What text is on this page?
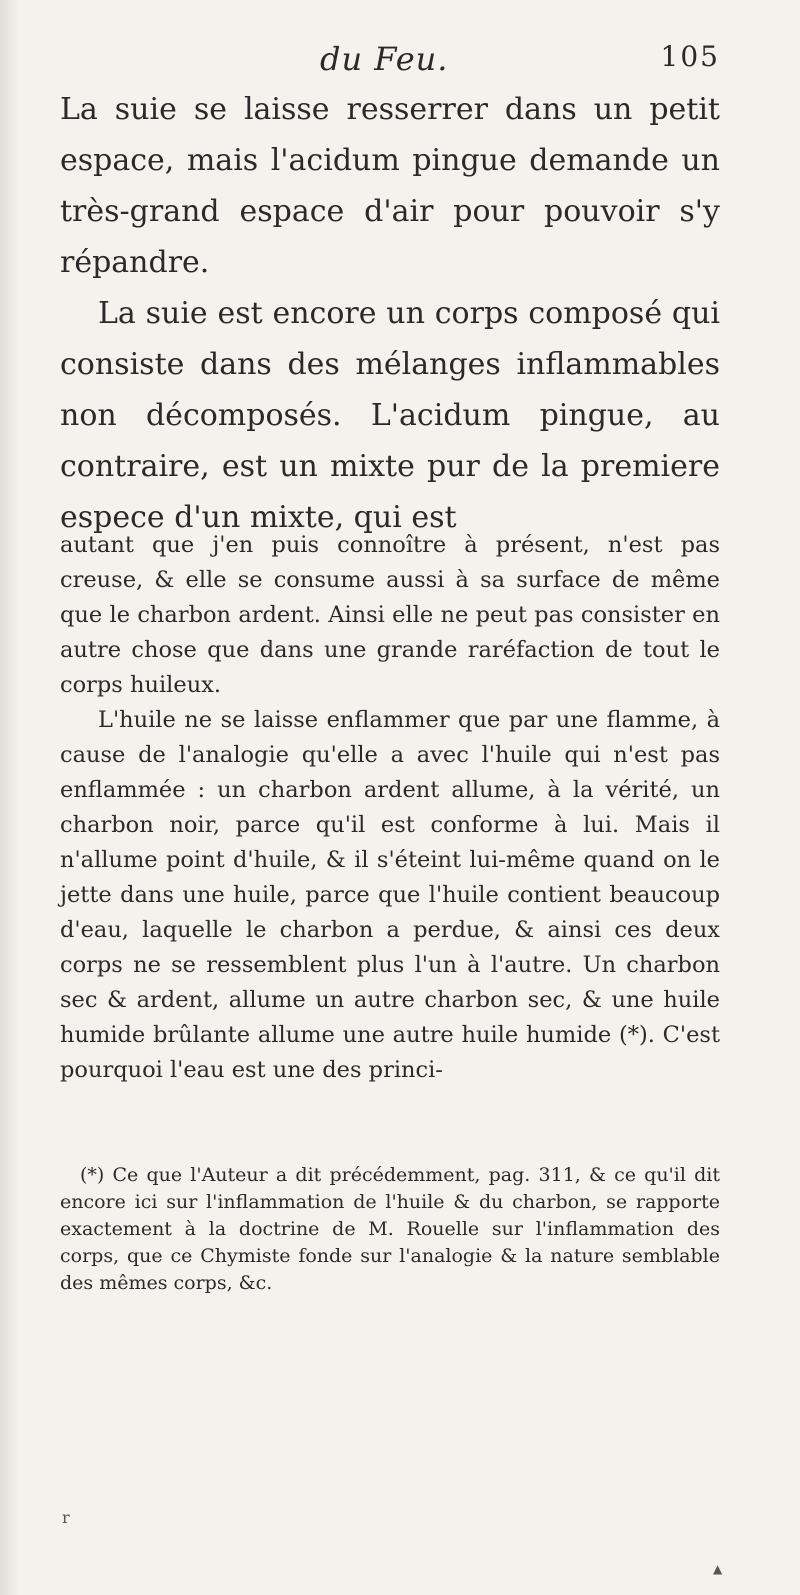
du Feu.	105

La suie se laisse resserrer dans un petit espace, mais l'acidum pingue demande un très-grand espace d'air pour pouvoir s'y répandre.

La suie est encore un corps composé qui consiste dans des mélanges inflammables non décomposés. L'acidum pingue, au contraire, est un mixte pur de la premiere espece d'un mixte, qui est

autant que j'en puis connoître à présent, n'est pas creuse, & elle se consume aussi à sa surface de même que le charbon ardent. Ainsi elle ne peut pas consister en autre chose que dans une grande raréfaction de tout le corps huileux.

L'huile ne se laisse enflammer que par une flamme, à cause de l'analogie qu'elle a avec l'huile qui n'est pas enflammée : un charbon ardent allume, à la vérité, un charbon noir, parce qu'il est conforme à lui. Mais il n'allume point d'huile, & il s'éteint lui-même quand on le jette dans une huile, parce que l'huile contient beaucoup d'eau, laquelle le charbon a perdue, & ainsi ces deux corps ne se ressemblent plus l'un à l'autre. Un charbon sec & ardent, allume un autre charbon sec, & une huile humide brûlante allume une autre huile humide (*). C'est pourquoi l'eau est une des princi-

(*) Ce que l'Auteur a dit précédemment, pag. 311, & ce qu'il dit encore ici sur l'inflammation de l'huile & du charbon, se rapporte exactement à la doctrine de M. Rouelle sur l'inflammation des corps, que ce Chymiste fonde sur l'analogie & la nature semblable des mêmes corps, &c.

r
▲
